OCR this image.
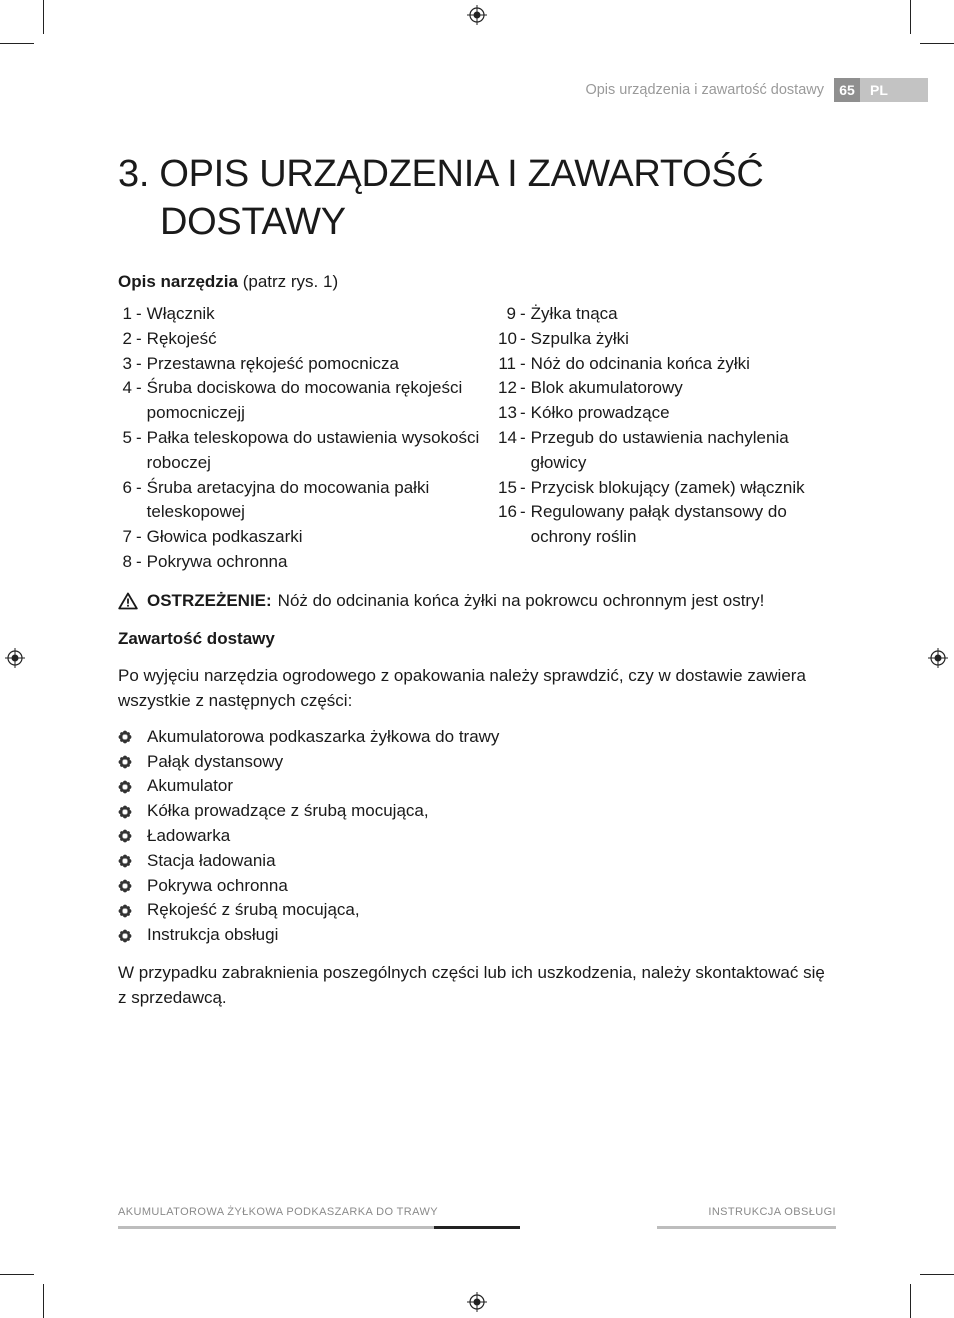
Opis urządzenia i zawartość dostawy	65	PL
3. OPIS URZĄDZENIA I ZAWARTOŚĆ
DOSTAWY
Opis narzędzia (patrz rys. 1)
1 - Włącznik
2 - Rękojeść
3 - Przestawna rękojeść pomocnicza
4 - Śruba dociskowa do mocowania rękojeści pomocniczejj
5 - Pałka teleskopowa do ustawienia wysokości roboczej
6 - Śruba aretacyjna do mocowania pałki teleskopowej
7 - Głowica podkaszarki
8 - Pokrywa ochronna
9 - Żyłka tnąca
10 - Szpulka żyłki
11 - Nóż do odcinania końca żyłki
12 - Blok akumulatorowy
13 - Kółko prowadzące
14 - Przegub do ustawienia nachylenia głowicy
15 - Przycisk blokujący (zamek) włącznik
16 - Regulowany pałąk dystansowy do ochrony roślin
OSTRZEŻENIE: Nóż do odcinania końca żyłki na pokrowcu ochronnym jest ostry!
Zawartość dostawy
Po wyjęciu narzędzia ogrodowego z opakowania należy sprawdzić, czy w dostawie zawiera wszystkie z następnych części:
Akumulatorowa podkaszarka żyłkowa do trawy
Pałąk dystansowy
Akumulator
Kółka prowadzące z śrubą mocująca,
Ładowarka
Stacja ładowania
Pokrywa ochronna
Rękojeść z śrubą mocująca,
Instrukcja obsługi
W przypadku zabraknienia poszególnych części lub ich uszkodzenia, należy skontaktować się z sprzedawcą.
AKUMULATOROWA ŻYŁKOWA PODKASZARKA DO TRAWY	INSTRUKCJA OBSŁUGI
